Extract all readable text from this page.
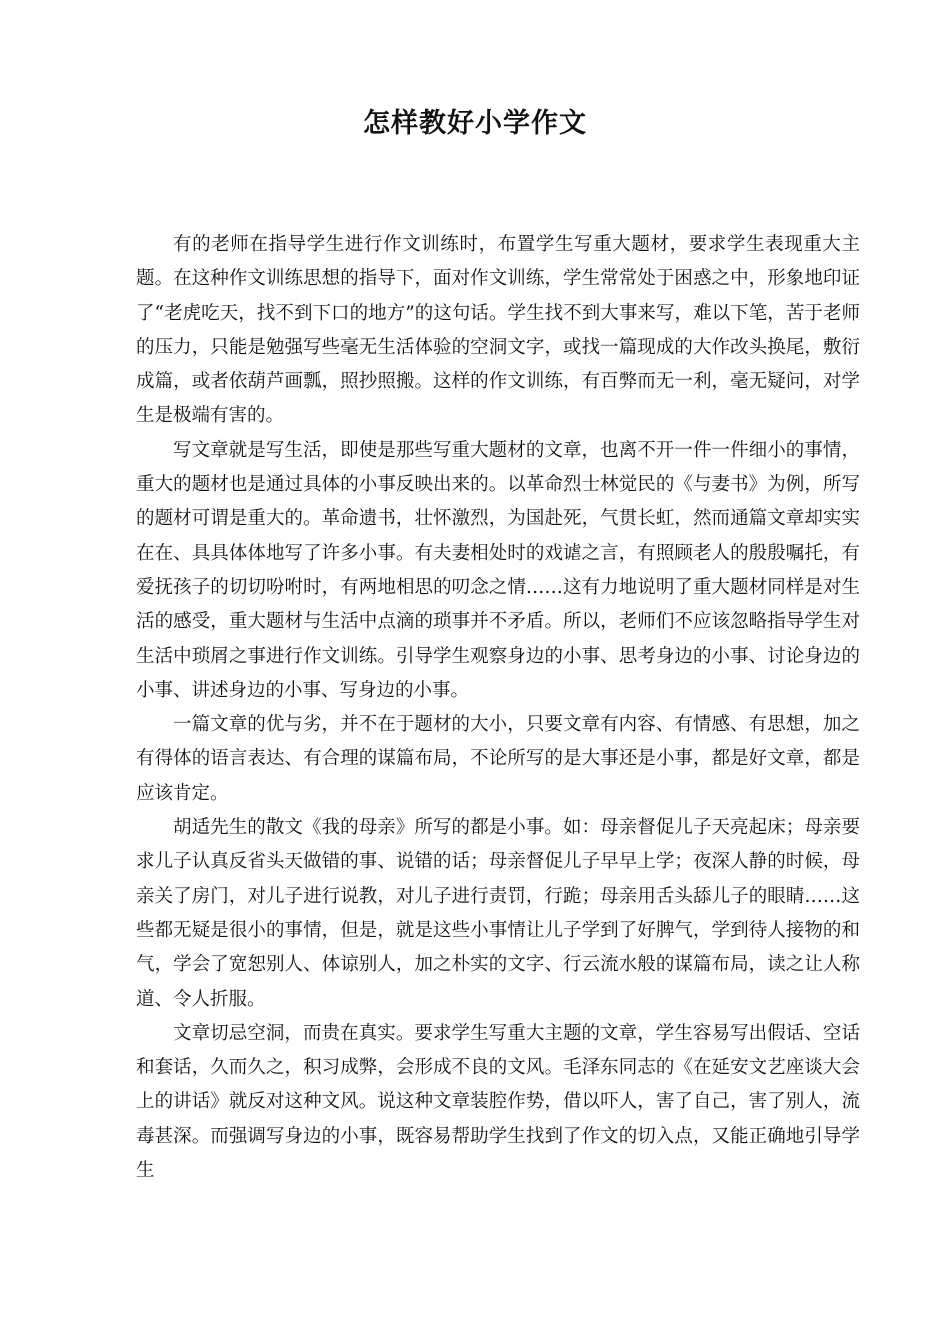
怎样教好小学作文

有的老师在指导学生进行作文训练时，布置学生写重大题材，要求学生表现重大主题。在这种作文训练思想的指导下，面对作文训练，学生常常处于困惑之中，形象地印证了“老虎吃天，找不到下口的地方”的这句话。学生找不到大事来写，难以下笔，苦于老师的压力，只能是勉强写些毫无生活体验的空洞文字，或找一篇现成的大作改头换尾，敷衍成篇，或者依葫芦画瓢，照抄照搬。这样的作文训练，有百弊而无一利，毫无疑问，对学生是极端有害的。

写文章就是写生活，即使是那些写重大题材的文章，也离不开一件一件细小的事情，重大的题材也是通过具体的小事反映出来的。以革命烈士林觉民的《与妻书》为例，所写的题材可谓是重大的。革命遗书，壮怀激烈，为国赴死，气贯长虹，然而通篇文章却实实在在、具具体体地写了许多小事。有夫妻相处时的戏谑之言，有照顾老人的殷殷嘱托，有爱抚孩子的切切吩咐时，有两地相思的叨念之情……这有力地说明了重大题材同样是对生活的感受，重大题材与生活中点滴的琐事并不矛盾。所以，老师们不应该忽略指导学生对生活中琐屑之事进行作文训练。引导学生观察身边的小事、思考身边的小事、讨论身边的小事、讲述身边的小事、写身边的小事。

一篇文章的优与劣，并不在于题材的大小，只要文章有内容、有情感、有思想，加之有得体的语言表达、有合理的谋篇布局，不论所写的是大事还是小事，都是好文章，都是应该肯定。

胡适先生的散文《我的母亲》所写的都是小事。如：母亲督促儿子天亮起床；母亲要求儿子认真反省头天做错的事、说错的话；母亲督促儿子早早上学；夜深人静的时候，母亲关了房门，对儿子进行说教，对儿子进行责罚，行跪；母亲用舌头舔儿子的眼睛……这些都无疑是很小的事情，但是，就是这些小事情让儿子学到了好脾气，学到待人接物的和气，学会了宽恕别人、体谅别人，加之朴实的文字、行云流水般的谋篇布局，读之让人称道、令人折服。

文章切忌空洞，而贵在真实。要求学生写重大主题的文章，学生容易写出假话、空话和套话，久而久之，积习成弊，会形成不良的文风。毛泽东同志的《在延安文艺座谈大会上的讲话》就反对这种文风。说这种文章装腔作势，借以吓人，害了自己，害了别人，流毒甚深。而强调写身边的小事，既容易帮助学生找到了作文的切入点，又能正确地引导学生
